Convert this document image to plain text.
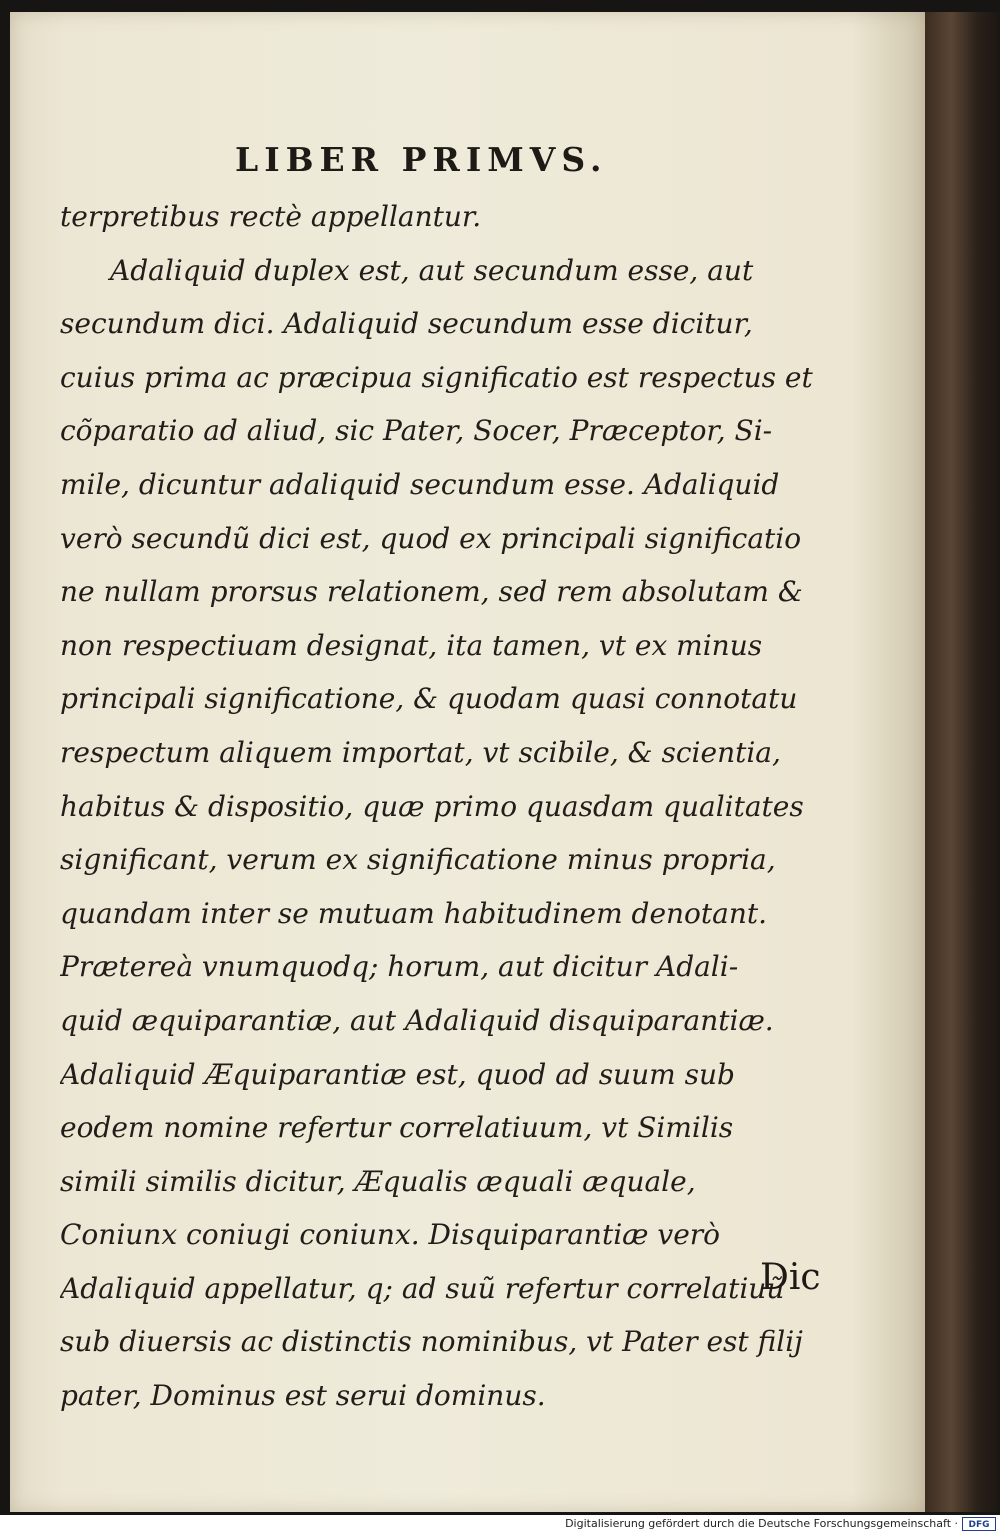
LIBER PRIMVS.
terpretibus rectè appellantur.
Adaliquid duplex est, aut secundum esse, aut
secundum dici. Adaliquid secundum esse dicitur,
cuius prima ac præcipua significatio est respectus et
cõparatio ad aliud, sic Pater, Socer, Præceptor, Si-
mile, dicuntur adaliquid secundum esse. Adaliquid
verò secundũ dici est, quod ex principali significatio
ne nullam prorsus relationem, sed rem absolutam &
non respectiuam designat, ita tamen, vt ex minus
principali significatione, & quodam quasi connotatu
respectum aliquem importat, vt scibile, & scientia,
habitus & dispositio, quæ primo quasdam qualitates
significant, verum ex significatione minus propria,
quandam inter se mutuam habitudinem denotant.
Prætereà vnumquodq; horum, aut dicitur Adali-
quid æquiparantiæ, aut Adaliquid disquiparantiæ.
Adaliquid Æquiparantiæ est, quod ad suum sub
eodem nomine refertur correlatiuum, vt Similis
simili similis dicitur, Æqualis æquali æquale,
Coniunx coniugi coniunx. Disquiparantiæ verò
Adaliquid appellatur, q; ad suũ refertur correlatiuũ
sub diuersis ac distinctis nominibus, vt Pater est filij
pater, Dominus est serui dominus.
Dic
Digitalisierung gefördert durch die Deutsche Forschungsgemeinschaft ·	DFG
